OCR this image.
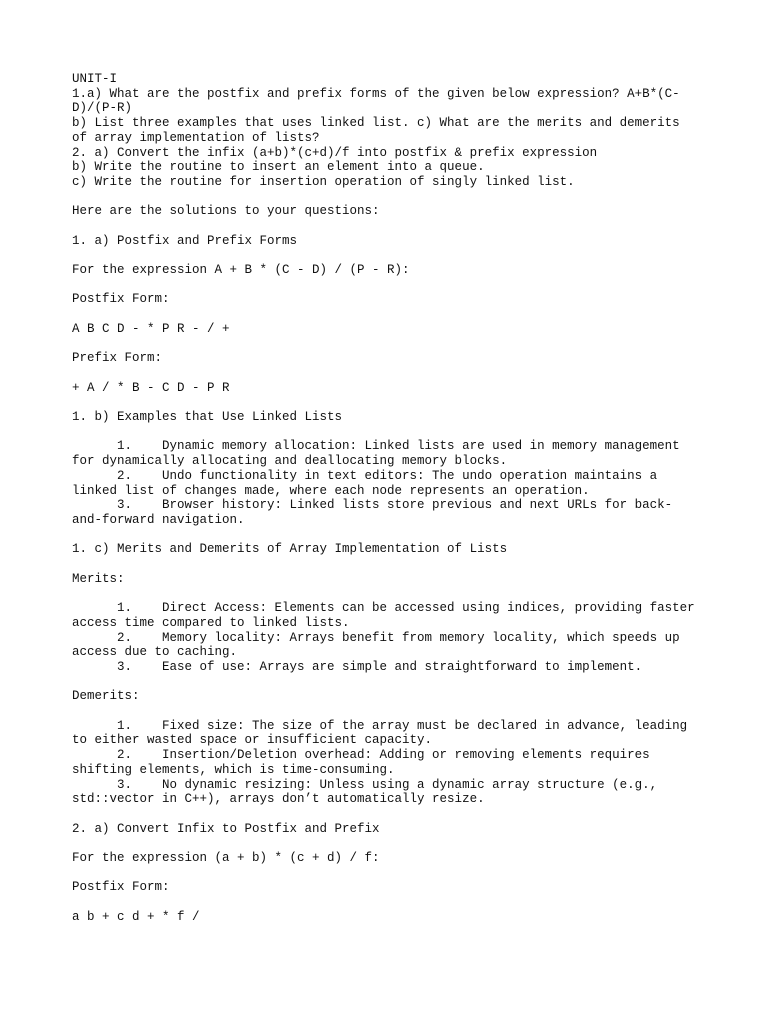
UNIT-I
1.a) What are the postfix and prefix forms of the given below expression? A+B*(C-
D)/(P-R)
b) List three examples that uses linked list. c) What are the merits and demerits
of array implementation of lists?
2. a) Convert the infix (a+b)*(c+d)/f into postfix & prefix expression
b) Write the routine to insert an element into a queue.
c) Write the routine for insertion operation of singly linked list.
Here are the solutions to your questions:
1. a) Postfix and Prefix Forms
For the expression A + B * (C - D) / (P - R):
Postfix Form:
A B C D - * P R - / +
Prefix Form:
+ A / * B - C D - P R
1. b) Examples that Use Linked Lists
1.    Dynamic memory allocation: Linked lists are used in memory management
for dynamically allocating and deallocating memory blocks.
2.    Undo functionality in text editors: The undo operation maintains a
linked list of changes made, where each node represents an operation.
3.    Browser history: Linked lists store previous and next URLs for back-
and-forward navigation.
1. c) Merits and Demerits of Array Implementation of Lists
Merits:
1.    Direct Access: Elements can be accessed using indices, providing faster
access time compared to linked lists.
2.    Memory locality: Arrays benefit from memory locality, which speeds up
access due to caching.
3.    Ease of use: Arrays are simple and straightforward to implement.
Demerits:
1.    Fixed size: The size of the array must be declared in advance, leading
to either wasted space or insufficient capacity.
2.    Insertion/Deletion overhead: Adding or removing elements requires
shifting elements, which is time-consuming.
3.    No dynamic resizing: Unless using a dynamic array structure (e.g.,
std::vector in C++), arrays don’t automatically resize.
2. a) Convert Infix to Postfix and Prefix
For the expression (a + b) * (c + d) / f:
Postfix Form:
a b + c d + * f /
